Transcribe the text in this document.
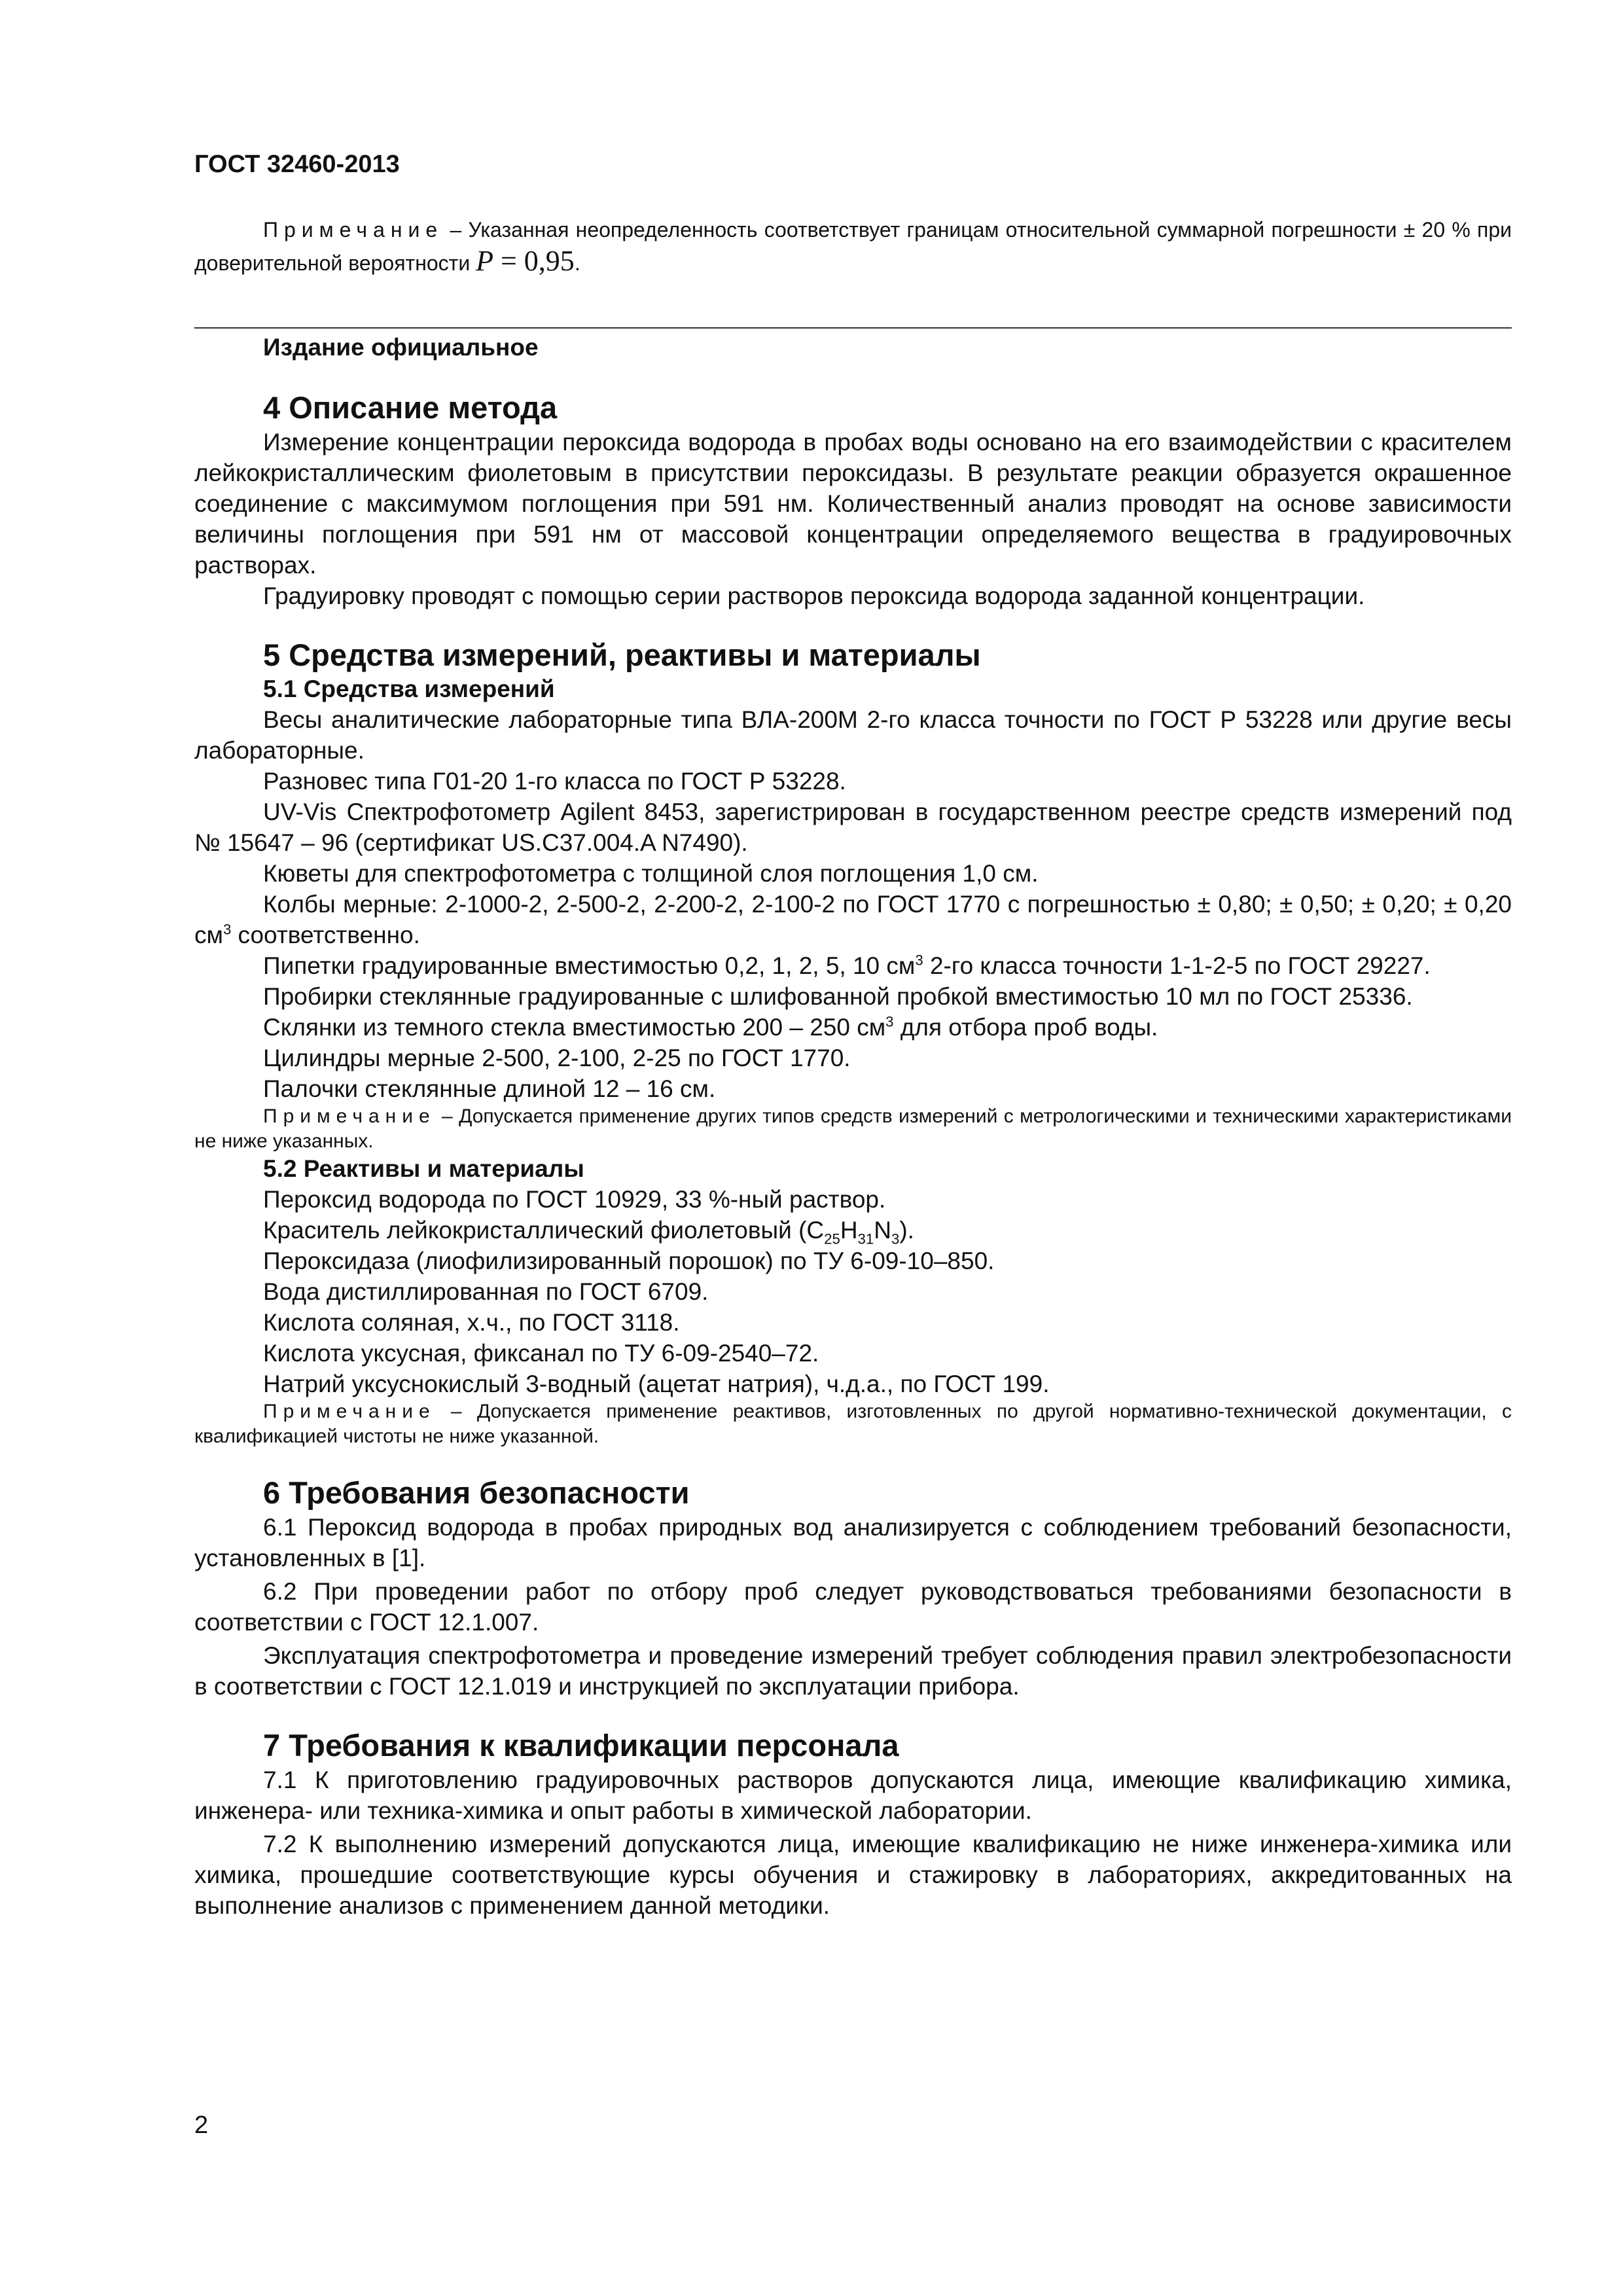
ГОСТ 32460-2013

Примечание – Указанная неопределенность соответствует границам относительной суммарной погрешности ± 20 % при доверительной вероятности P = 0,95.

Издание официальное
4 Описание метода

Измерение концентрации пероксида водорода в пробах воды основано на его взаимодействии с красителем лейкокристаллическим фиолетовым в присутствии пероксидазы. В результате реакции образуется окрашенное соединение с максимумом поглощения при 591 нм. Количественный анализ проводят на основе зависимости величины поглощения при 591 нм от массовой концентрации определяемого вещества в градуировочных растворах.

Градуировку проводят с помощью серии растворов пероксида водорода заданной концентрации.

5 Средства измерений, реактивы и материалы
5.1 Средства измерений

Весы аналитические лабораторные типа ВЛА-200М 2-го класса точности по ГОСТ Р 53228 или другие весы лабораторные.

Разновес типа Г01-20 1-го класса по ГОСТ Р 53228.

UV-Vis Спектрофотометр Agilent 8453, зарегистрирован в государственном реестре средств измерений под № 15647 – 96 (сертификат US.C37.004.A N7490).

Кюветы для спектрофотометра с толщиной слоя поглощения 1,0 см.

Колбы мерные: 2-1000-2, 2-500-2, 2-200-2, 2-100-2 по ГОСТ 1770 с погрешностью ± 0,80; ± 0,50; ± 0,20; ± 0,20 $см^3$ соответственно.

Пипетки градуированные вместимостью 0,2, 1, 2, 5, 10 $см^3$ 2-го класса точности 1-1-2-5 по ГОСТ 29227.

Пробирки стеклянные градуированные с шлифованной пробкой вместимостью 10 мл по ГОСТ 25336.

Склянки из темного стекла вместимостью 200 – 250 $см^3$ для отбора проб воды.

Цилиндры мерные 2-500, 2-100, 2-25 по ГОСТ 1770.

Палочки стеклянные длиной 12 – 16 см.

Примечание – Допускается применение других типов средств измерений с метрологическими и техническими характеристиками не ниже указанных.

5.2 Реактивы и материалы

Пероксид водорода по ГОСТ 10929, 33 %-ный раствор.

Краситель лейкокристаллический фиолетовый $(C_{25}H_{31}N_3)$.

Пероксидаза (лиофилизированный порошок) по ТУ 6-09-10–850.

Вода дистиллированная по ГОСТ 6709.

Кислота соляная, х.ч., по ГОСТ 3118.

Кислота уксусная, фиксанал по ТУ 6-09-2540–72.

Натрий уксуснокислый 3-водный (ацетат натрия), ч.д.а., по ГОСТ 199.

Примечание – Допускается применение реактивов, изготовленных по другой нормативно-технической документации, с квалификацией чистоты не ниже указанной.

6 Требования безопасности

6.1 Пероксид водорода в пробах природных вод анализируется с соблюдением требований безопасности, установленных в [1].

6.2 При проведении работ по отбору проб следует руководствоваться требованиями безопасности в соответствии с ГОСТ 12.1.007.

Эксплуатация спектрофотометра и проведение измерений требует соблюдения правил электробезопасности в соответствии с ГОСТ 12.1.019 и инструкцией по эксплуатации прибора.

7 Требования к квалификации персонала

7.1 К приготовлению градуировочных растворов допускаются лица, имеющие квалификацию химика, инженера- или техника-химика и опыт работы в химической лаборатории.

7.2 К выполнению измерений допускаются лица, имеющие квалификацию не ниже инженера-химика или химика, прошедшие соответствующие курсы обучения и стажировку в лабораториях, аккредитованных на выполнение анализов с применением данной методики.

2
